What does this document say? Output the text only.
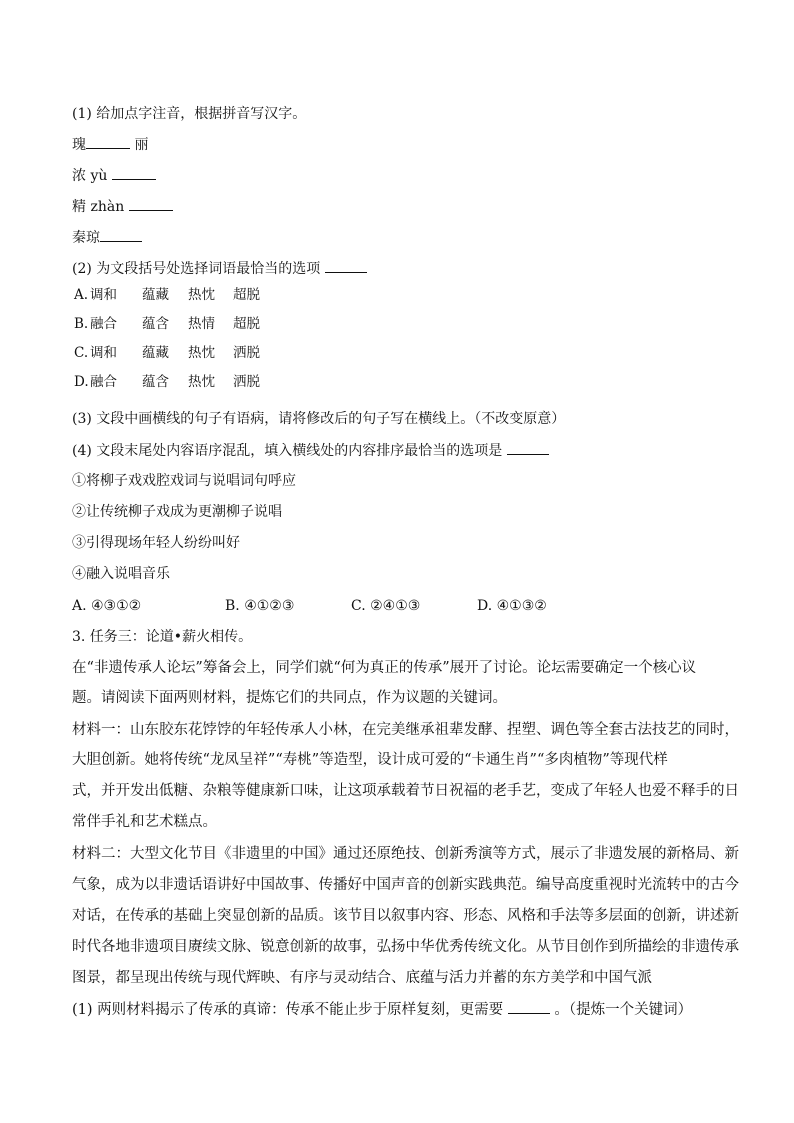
(1) 给加点字注音，根据拼音写汉字。
瑰	丽
浓 yù
精 zhàn
秦琼
(2) 为文段括号处选择词语最恰当的选项
A. 调和 蕴藏 热忱 超脱
B. 融合 蕴含 热情 超脱
C. 调和 蕴藏 热忱 洒脱
D.融合 蕴含 热忱 洒脱
(3) 文段中画横线的句子有语病，请将修改后的句子写在横线上。（不改变原意）
(4) 文段末尾处内容语序混乱，填入横线处的内容排序最恰当的选项是
①将柳子戏戏腔戏词与说唱词句呼应
②让传统柳子戏成为更潮柳子说唱
③引得现场年轻人纷纷叫好
④融入说唱音乐
A. ④③①②	B. ④①②③	C. ②④①③	D. ④①③②
3. 任务三：论道•薪火相传。
在“非遗传承人论坛”筹备会上，同学们就“何为真正的传承”展开了讨论。论坛需要确定一个核心议
题。请阅读下面两则材料，提炼它们的共同点，作为议题的关键词。
材料一：山东胶东花饽饽的年轻传承人小林，在完美继承祖辈发酵、捏塑、调色等全套古法技艺的同时，
大胆创新。她将传统“龙凤呈祥”“寿桃”等造型，设计成可爱的“卡通生肖”“多肉植物”等现代样
式，并开发出低糖、杂粮等健康新口味，让这项承载着节日祝福的老手艺，变成了年轻人也爱不释手的日
常伴手礼和艺术糕点。
材料二：大型文化节目《非遗里的中国》通过还原绝技、创新秀演等方式，展示了非遗发展的新格局、新
气象，成为以非遗话语讲好中国故事、传播好中国声音的创新实践典范。编导高度重视时光流转中的古今
对话，在传承的基础上突显创新的品质。该节目以叙事内容、形态、风格和手法等多层面的创新，讲述新
时代各地非遗项目赓续文脉、锐意创新的故事，弘扬中华优秀传统文化。从节目创作到所描绘的非遗传承
图景，都呈现出传统与现代辉映、有序与灵动结合、底蕴与活力并蓄的东方美学和中国气派
(1) 两则材料揭示了传承的真谛：传承不能止步于原样复刻，更需要	。（提炼一个关键词）
